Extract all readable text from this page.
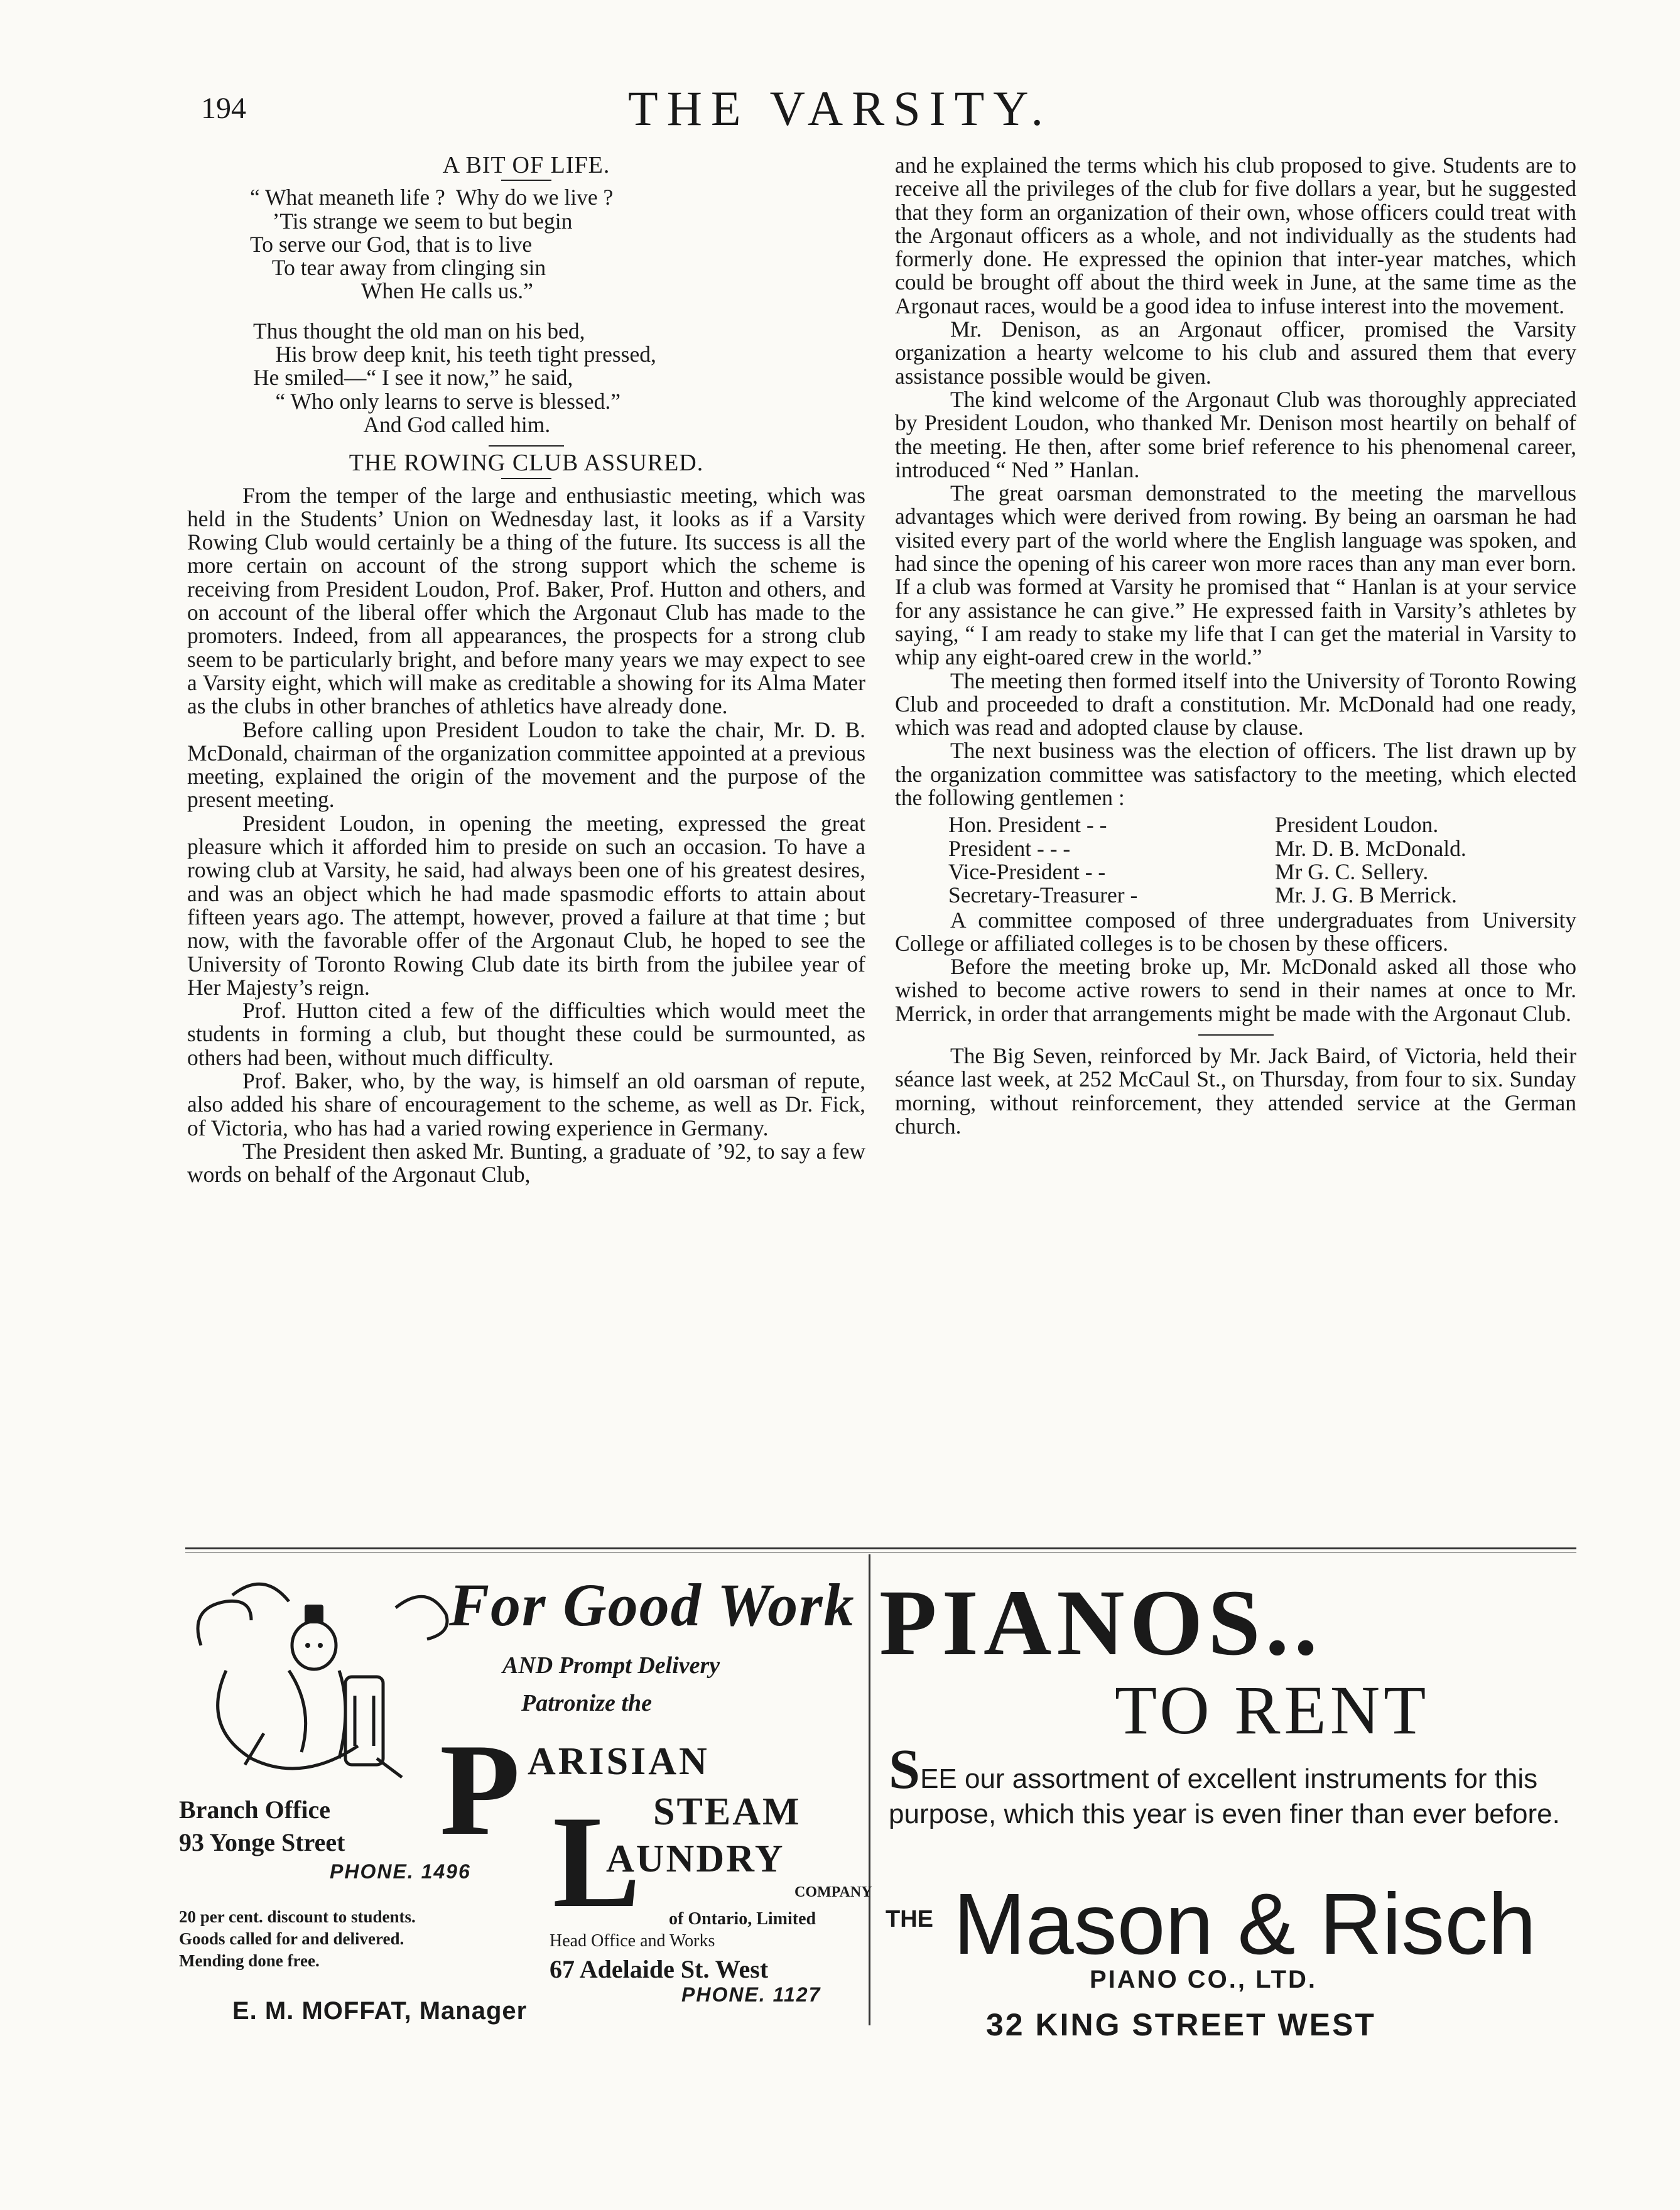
194	THE VARSITY.
A BIT OF LIFE.
“ What meaneth life ?  Why do we live ?
’Tis strange we seem to but begin
To serve our God, that is to live
To tear away from clinging sin
When He calls us.”
Thus thought the old man on his bed,
His brow deep knit, his teeth tight pressed,
He smiled—“ I see it now,” he said,
“ Who only learns to serve is blessed.”
And God called him.
THE ROWING CLUB ASSURED.

From the temper of the large and enthusiastic meeting, which was held in the Students’ Union on Wednesday last, it looks as if a Varsity Rowing Club would certainly be a thing of the future. Its success is all the more certain on account of the strong support which the scheme is receiving from President Loudon, Prof. Baker, Prof. Hutton and others, and on account of the liberal offer which the Argonaut Club has made to the promoters. Indeed, from all appearances, the prospects for a strong club seem to be particularly bright, and before many years we may expect to see a Varsity eight, which will make as creditable a showing for its Alma Mater as the clubs in other branches of athletics have already done.

Before calling upon President Loudon to take the chair, Mr. D. B. McDonald, chairman of the organization committee appointed at a previous meeting, explained the origin of the movement and the purpose of the present meeting.

President Loudon, in opening the meeting, expressed the great pleasure which it afforded him to preside on such an occasion. To have a rowing club at Varsity, he said, had always been one of his greatest desires, and was an object which he had made spasmodic efforts to attain about fifteen years ago. The attempt, however, proved a failure at that time ; but now, with the favorable offer of the Argonaut Club, he hoped to see the University of Toronto Rowing Club date its birth from the jubilee year of Her Majesty’s reign.

Prof. Hutton cited a few of the difficulties which would meet the students in forming a club, but thought these could be surmounted, as others had been, without much difficulty.

Prof. Baker, who, by the way, is himself an old oarsman of repute, also added his share of encouragement to the scheme, as well as Dr. Fick, of Victoria, who has had a varied rowing experience in Germany.

The President then asked Mr. Bunting, a graduate of ’92, to say a few words on behalf of the Argonaut Club,

and he explained the terms which his club proposed to give. Students are to receive all the privileges of the club for five dollars a year, but he suggested that they form an organization of their own, whose officers could treat with the Argonaut officers as a whole, and not individually as the students had formerly done. He expressed the opinion that inter-year matches, which could be brought off about the third week in June, at the same time as the Argonaut races, would be a good idea to infuse interest into the movement.

Mr. Denison, as an Argonaut officer, promised the Varsity organization a hearty welcome to his club and assured them that every assistance possible would be given.

The kind welcome of the Argonaut Club was thoroughly appreciated by President Loudon, who thanked Mr. Denison most heartily on behalf of the meeting. He then, after some brief reference to his phenomenal career, introduced “ Ned ” Hanlan.

The great oarsman demonstrated to the meeting the marvellous advantages which were derived from rowing. By being an oarsman he had visited every part of the world where the English language was spoken, and had since the opening of his career won more races than any man ever born. If a club was formed at Varsity he promised that “ Hanlan is at your service for any assistance he can give.” He expressed faith in Varsity’s athletes by saying, “ I am ready to stake my life that I can get the material in Varsity to whip any eight-oared crew in the world.”

The meeting then formed itself into the University of Toronto Rowing Club and proceeded to draft a constitution. Mr. McDonald had one ready, which was read and adopted clause by clause.

The next business was the election of officers. The list drawn up by the organization committee was satisfactory to the meeting, which elected the following gentlemen :

Hon. President - -	President Loudon.
President - - -	Mr. D. B. McDonald.
Vice-President - -	Mr G. C. Sellery.
Secretary-Treasurer -	Mr. J. G. B Merrick.

A committee composed of three undergraduates from University College or affiliated colleges is to be chosen by these officers.

Before the meeting broke up, Mr. McDonald asked all those who wished to become active rowers to send in their names at once to Mr. Merrick, in order that arrangements might be made with the Argonaut Club.

The Big Seven, reinforced by Mr. Jack Baird, of Victoria, held their séance last week, at 252 McCaul St., on Thursday, from four to six. Sunday morning, without reinforcement, they attended service at the German church.

For Good Work
AND Prompt Delivery
Patronize the
P ARISIAN
STEAM
L
AUNDRY
COMPANY
of Ontario, Limited
Head Office and Works
67 Adelaide St. West
PHONE. 1127
Branch Office
93 Yonge Street
PHONE. 1496
20 per cent. discount to students.
Goods called for and delivered.
Mending done free.
E. M. MOFFAT, Manager
PIANOS..
TO RENT
SEE our assortment of excellent instruments for this purpose, which this year is even finer than ever before.
THE Mason & Risch
PIANO CO., LTD.
32 KING STREET WEST
